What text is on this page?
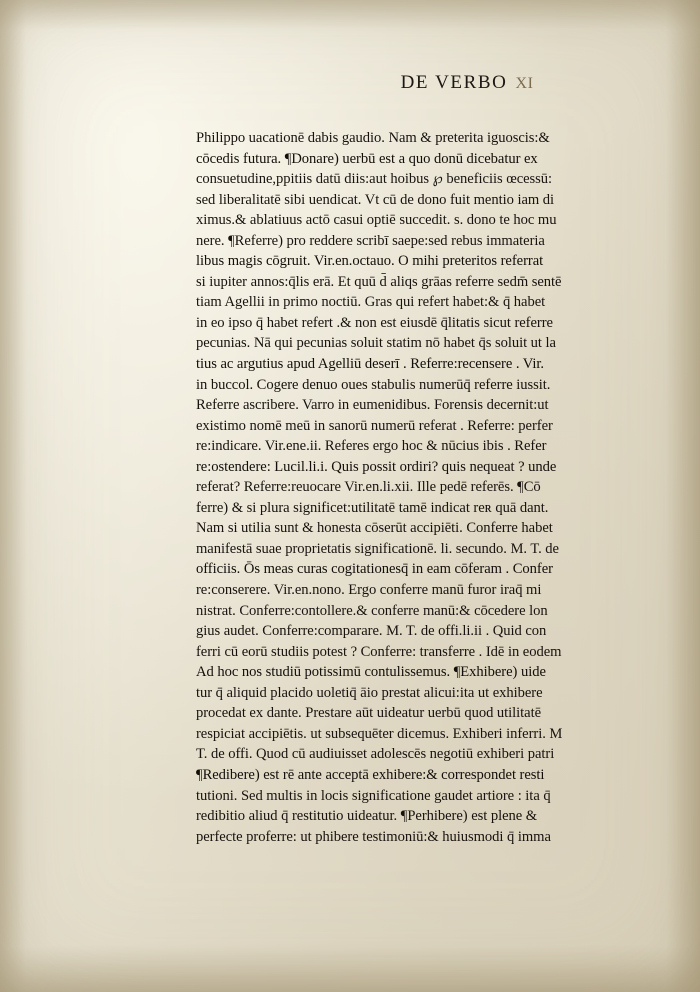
DE VERBO XI
Philippo uacationē dabis gaudio. Nam & preterita iguoscis:&
cōcedis futura. ¶Donare) uerbū est a quo donū dicebatur ex
consuetudine,ppitiis datū diis:aut hoibus ℘ beneficiis œcessū:
sed liberalitatē sibi uendicat. Vt cū de dono fuit mentio iam di
ximus.& ablatiuus actō casui optiē succedit. s. dono te hoc mu
nere. ¶Referre) pro reddere scribī saepe:sed rebus immateria
libus magis cōgruit. Vir.en.octauo. O mihi preteritos referrat
si iupiter annos:q̄lis erā. Et quū d̄ aliqs grāas referre sedm̄ sentē
tiam Agellii in primo noctiū. Gras qui refert habet:& q̄ habet
in eo ipso q̄ habet refert .& non est eiusdē q̄litatis sicut referre
pecunias. Nā qui pecunias soluit statim nō habet q̄s soluit ut la
tius ac argutius apud Agelliū deserī . Referre:recensere . Vir.
in buccol. Cogere denuo oues stabulis numerūq̄ referre iussit.
Referre ascribere. Varro in eumenidibus. Forensis decernit:ut
existimo nomē meū in sanorū numerū referat . Referre: perfer
re:indicare. Vir.ene.ii. Referes ergo hoc & nūcius ibis . Refer
re:ostendere: Lucil.li.i. Quis possit ordiri? quis nequeat ? unde
referat? Referre:reuocare Vir.en.li.xii. Ille pedē referēs. ¶Cō
ferre) & si plura significet:utilitatē tamē indicat reʀ quā dant.
Nam si utilia sunt & honesta cōserūt accipiēti. Conferre habet
manifestā suae proprietatis significationē. li. secundo. M. T. de
officiis. Ōs meas curas cogitationesq̄ in eam cōferam . Confer
re:conserere. Vir.en.nono. Ergo conferre manū furor iraq̄ mi
nistrat. Conferre:contollere.& conferre manū:& cōcedere lon
gius audet. Conferre:comparare. M. T. de offi.li.ii . Quid con
ferri cū eorū studiis potest ? Conferre: transferre . Idē in eodem
Ad hoc nos studiū potissimū contulissemus. ¶Exhibere) uide
tur q̄ aliquid placido uoletiq̄ āio prestat alicui:ita ut exhibere
procedat ex dante. Prestare aūt uideatur uerbū quod utilitatē
respiciat accipiētis. ut subsequēter dicemus. Exhiberi inferri. M
T. de offi. Quod cū audiuisset adolescēs negotiū exhiberi patri
¶Redibere) est rē ante acceptā exhibere:& correspondet resti
tutioni. Sed multis in locis significatione gaudet artiore : ita q̄
redibitio aliud q̄ restitutio uideatur. ¶Perhibere) est plene &
perfecte proferre: ut phibere testimoniū:& huiusmodi q̄ imma
